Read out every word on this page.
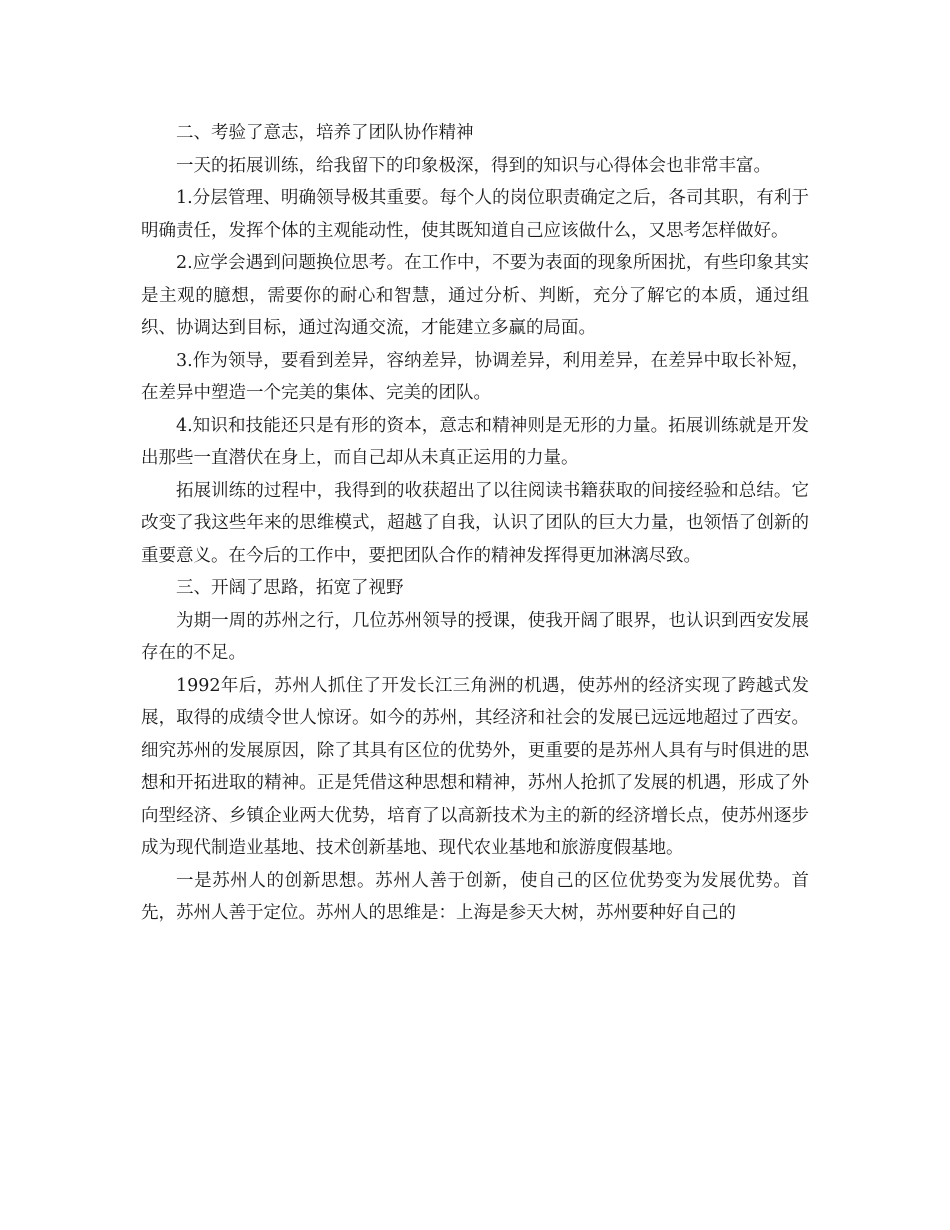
二、考验了意志，培养了团队协作精神

一天的拓展训练，给我留下的印象极深，得到的知识与心得体会也非常丰富。

1.分层管理、明确领导极其重要。每个人的岗位职责确定之后，各司其职，有利于明确责任，发挥个体的主观能动性，使其既知道自己应该做什么，又思考怎样做好。

2.应学会遇到问题换位思考。在工作中，不要为表面的现象所困扰，有些印象其实是主观的臆想，需要你的耐心和智慧，通过分析、判断，充分了解它的本质，通过组织、协调达到目标，通过沟通交流，才能建立多赢的局面。

3.作为领导，要看到差异，容纳差异，协调差异，利用差异，在差异中取长补短，在差异中塑造一个完美的集体、完美的团队。

4.知识和技能还只是有形的资本，意志和精神则是无形的力量。拓展训练就是开发出那些一直潜伏在身上，而自己却从未真正运用的力量。

拓展训练的过程中，我得到的收获超出了以往阅读书籍获取的间接经验和总结。它改变了我这些年来的思维模式，超越了自我，认识了团队的巨大力量，也领悟了创新的重要意义。在今后的工作中，要把团队合作的精神发挥得更加淋漓尽致。

三、开阔了思路，拓宽了视野

为期一周的苏州之行，几位苏州领导的授课，使我开阔了眼界，也认识到西安发展存在的不足。

1992年后，苏州人抓住了开发长江三角洲的机遇，使苏州的经济实现了跨越式发展，取得的成绩令世人惊讶。如今的苏州，其经济和社会的发展已远远地超过了西安。细究苏州的发展原因，除了其具有区位的优势外，更重要的是苏州人具有与时俱进的思想和开拓进取的精神。正是凭借这种思想和精神，苏州人抢抓了发展的机遇，形成了外向型经济、乡镇企业两大优势，培育了以高新技术为主的新的经济增长点，使苏州逐步成为现代制造业基地、技术创新基地、现代农业基地和旅游度假基地。

一是苏州人的创新思想。苏州人善于创新，使自己的区位优势变为发展优势。首先，苏州人善于定位。苏州人的思维是：上海是参天大树，苏州要种好自己的
